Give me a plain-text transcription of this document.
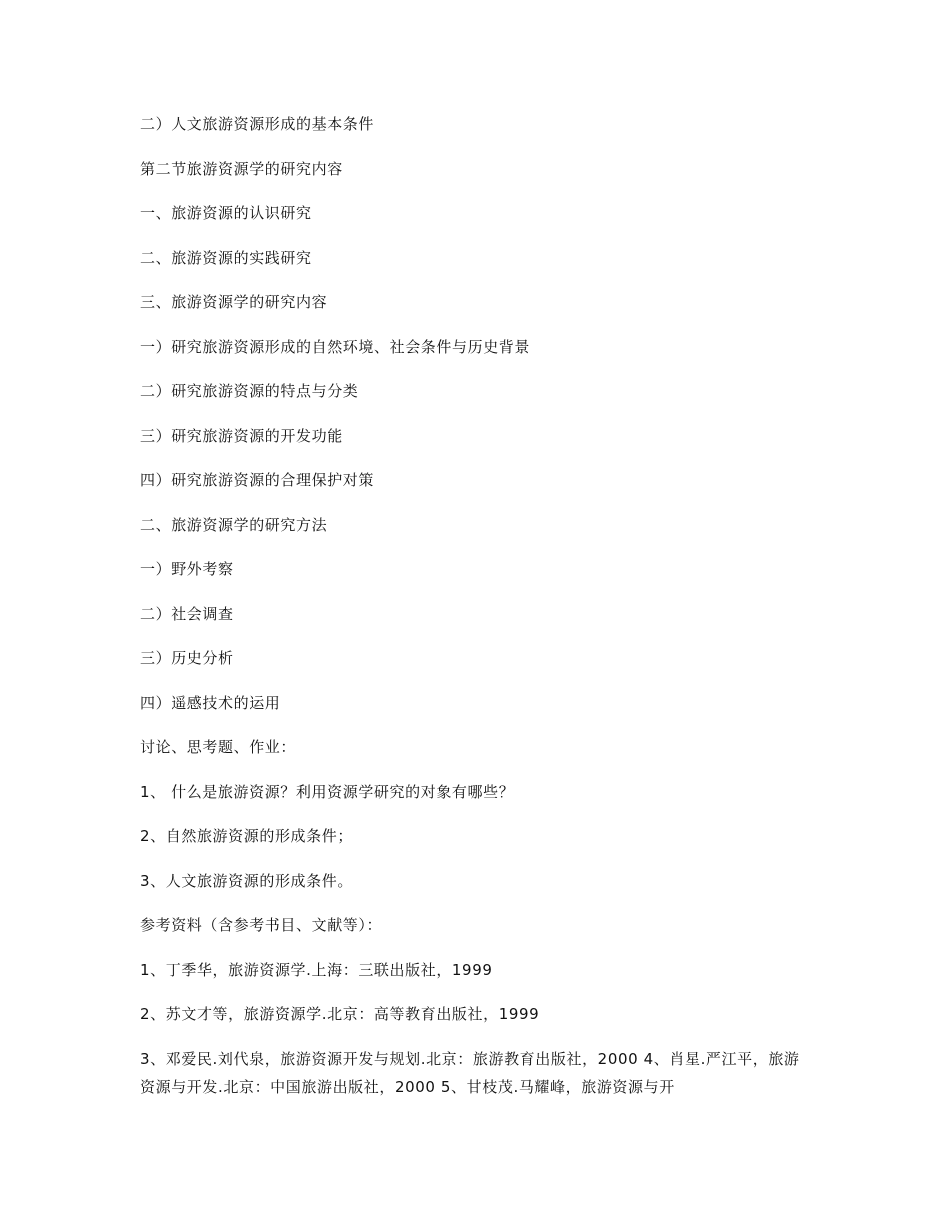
二）人文旅游资源形成的基本条件
第二节旅游资源学的研究内容
一、旅游资源的认识研究
二、旅游资源的实践研究
三、旅游资源学的研究内容
一）研究旅游资源形成的自然环境、社会条件与历史背景
二）研究旅游资源的特点与分类
三）研究旅游资源的开发功能
四）研究旅游资源的合理保护对策
二、旅游资源学的研究方法
一）野外考察
二）社会调查
三）历史分析
四）遥感技术的运用
讨论、思考题、作业：
1、 什么是旅游资源？利用资源学研究的对象有哪些？
2、自然旅游资源的形成条件；
3、人文旅游资源的形成条件。
参考资料（含参考书目、文献等）：
1、丁季华，旅游资源学.上海：三联出版社，1999
2、苏文才等，旅游资源学.北京：高等教育出版社，1999
3、邓爱民.刘代泉，旅游资源开发与规划.北京：旅游教育出版社，2000 4、肖星.严江平，旅游资源与开发.北京：中国旅游出版社，2000 5、甘枝茂.马耀峰，旅游资源与开
